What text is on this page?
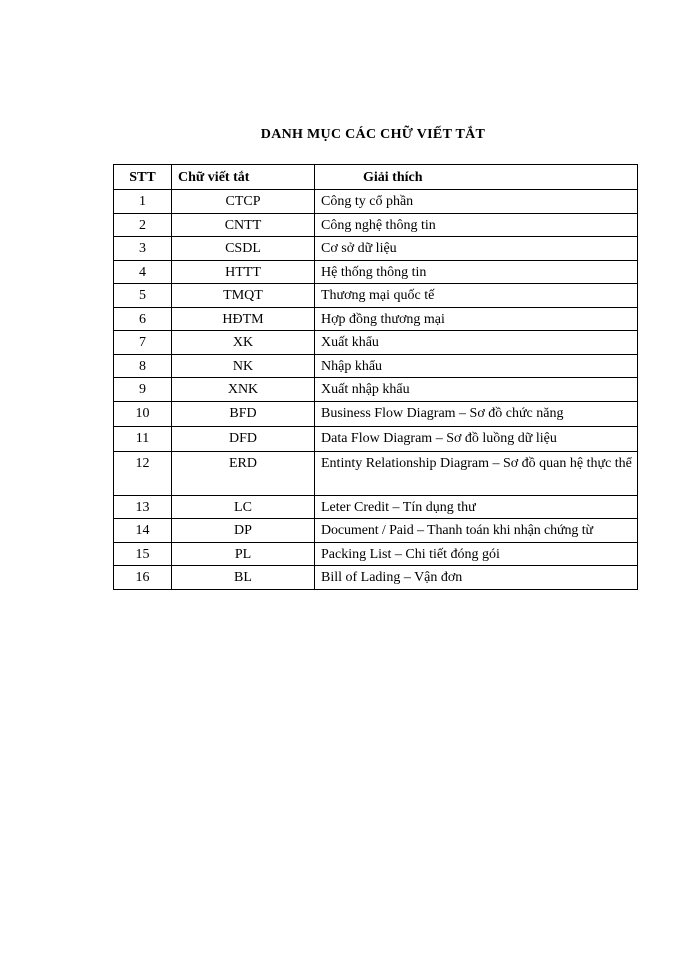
DANH MỤC CÁC CHỮ VIẾT TẮT
STT	Chữ viết tắt	Giải thích
1	CTCP	Công ty cổ phần
2	CNTT	Công nghệ thông tin
3	CSDL	Cơ sở dữ liệu
4	HTTT	Hệ thống thông tin
5	TMQT	Thương mại quốc tế
6	HĐTM	Hợp đồng thương mại
7	XK	Xuất khẩu
8	NK	Nhập khẩu
9	XNK	Xuất nhập khẩu
10	BFD	Business Flow Diagram – Sơ đồ chức năng
11	DFD	Data Flow Diagram – Sơ đồ luồng dữ liệu
12	ERD	Entinty Relationship Diagram – Sơ đồ quan hệ thực thể
13	LC	Leter Credit – Tín dụng thư
14	DP	Document / Paid – Thanh toán khi nhận chứng từ
15	PL	Packing List – Chi tiết đóng gói
16	BL	Bill of Lading – Vận đơn
